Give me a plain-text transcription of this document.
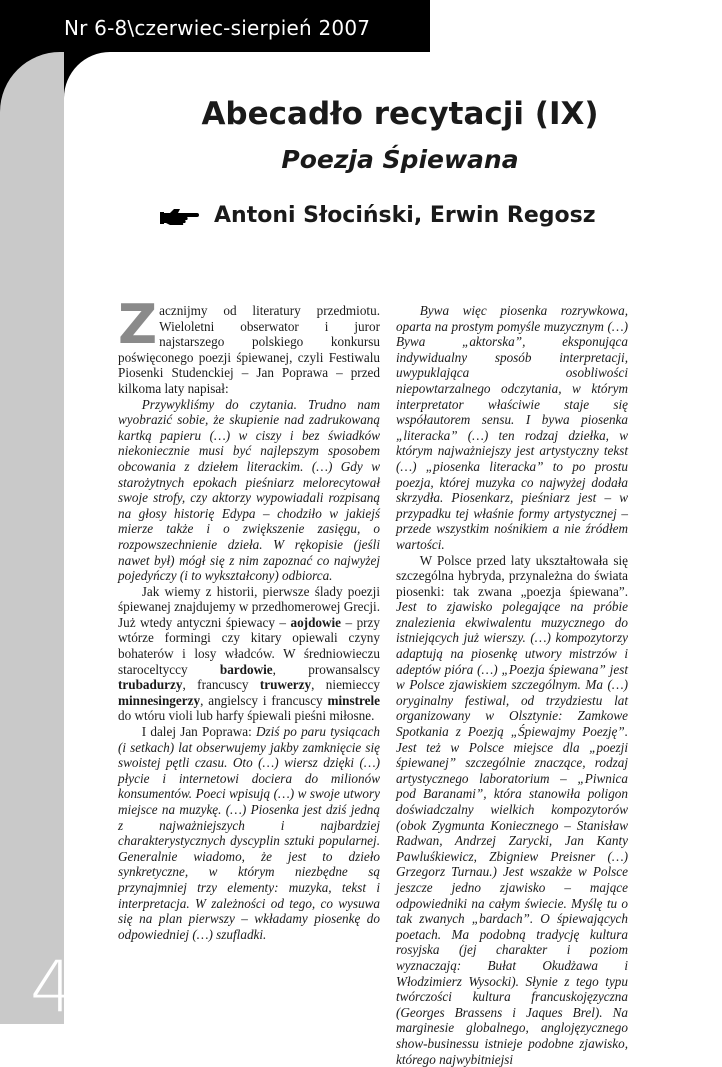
Nr 6-8\czerwiec-sierpień 2007
4
Abecadło recytacji (IX)
Poezja Śpiewana
Antoni Słociński, Erwin Regosz

Zacznijmy od literatury przedmiotu. Wieloletni obserwator i juror najstarszego polskiego konkursu poświęconego poezji śpiewanej, czyli Festiwalu Piosenki Studenckiej – Jan Poprawa – przed kilkoma laty napisał:

Przywykliśmy do czytania. Trudno nam wyobrazić sobie, że skupienie nad zadrukowaną kartką papieru (…) w ciszy i bez świadków niekoniecznie musi być najlepszym sposobem obcowania z dziełem literackim. (…) Gdy w starożytnych epokach pieśniarz melorecytował swoje strofy, czy aktorzy wypowiadali rozpisaną na głosy historię Edypa – chodziło w jakiejś mierze także i o zwiększenie zasięgu, o rozpowszechnienie dzieła. W rękopisie (jeśli nawet był) mógł się z nim zapoznać co najwyżej pojedyńczy (i to wykształcony) odbiorca.

Jak wiemy z historii, pierwsze ślady poezji śpiewanej znajdujemy w przedhomerowej Grecji. Już wtedy antyczni śpiewacy – aojdowie – przy wtórze formingi czy kitary opiewali czyny bohaterów i losy władców. W średniowieczu staroceltyccy bardowie, prowansalscy trubadurzy, francuscy truwerzy, niemieccy minnesingerzy, angielscy i francuscy minstrele do wtóru violi lub harfy śpiewali pieśni miłosne.

I dalej Jan Poprawa: Dziś po paru tysiącach (i setkach) lat obserwujemy jakby zamknięcie się swoistej pętli czasu. Oto (…) wiersz dzięki (…) płycie i internetowi dociera do milionów konsumentów. Poeci wpisują (…) w swoje utwory miejsce na muzykę. (…) Piosenka jest dziś jedną z najważniejszych i najbardziej charakterystycznych dyscyplin sztuki popularnej. Generalnie wiadomo, że jest to dzieło synkretyczne, w którym niezbędne są przynajmniej trzy elementy: muzyka, tekst i interpretacja. W zależności od tego, co wysuwa się na plan pierwszy – wkładamy piosenkę do odpowiedniej (…) szufladki.

Bywa więc piosenka rozrywkowa, oparta na prostym pomyśle muzycznym (…) Bywa „aktorska”, eksponująca indywidualny sposób interpretacji, uwypuklająca osobliwości niepowtarzalnego odczytania, w którym interpretator właściwie staje się współautorem sensu. I bywa piosenka „literacka” (…) ten rodzaj dziełka, w którym najważniejszy jest artystyczny tekst (…) „piosenka literacka” to po prostu poezja, której muzyka co najwyżej dodała skrzydła. Piosenkarz, pieśniarz jest – w przypadku tej właśnie formy artystycznej – przede wszystkim nośnikiem a nie źródłem wartości.

W Polsce przed laty ukształtowała się szczególna hybryda, przynależna do świata piosenki: tak zwana „poezja śpiewana”. Jest to zjawisko polegające na próbie znalezienia ekwiwalentu muzycznego do istniejących już wierszy. (…) kompozytorzy adaptują na piosenkę utwory mistrzów i adeptów pióra (…) „Poezja śpiewana” jest w Polsce zjawiskiem szczególnym. Ma (…) oryginalny festiwal, od trzydziestu lat organizowany w Olsztynie: Zamkowe Spotkania z Poezją „Śpiewajmy Poezję”. Jest też w Polsce miejsce dla „poezji śpiewanej” szczególnie znaczące, rodzaj artystycznego laboratorium – „Piwnica pod Baranami”, która stanowiła poligon doświadczalny wielkich kompozytorów (obok Zygmunta Koniecznego – Stanisław Radwan, Andrzej Zarycki, Jan Kanty Pawluśkiewicz, Zbigniew Preisner (…) Grzegorz Turnau.) Jest wszakże w Polsce jeszcze jedno zjawisko – mające odpowiedniki na całym świecie. Myślę tu o tak zwanych „bardach”. O śpiewających poetach. Ma podobną tradycję kultura rosyjska (jej charakter i poziom wyznaczają: Bułat Okudżawa i Włodzimierz Wysocki). Słynie z tego typu twórczości kultura francuskojęzyczna (Georges Brassens i Jaques Brel). Na marginesie globalnego, anglojęzycznego show-businessu istnieje podobne zjawisko, którego najwybitniejsi
